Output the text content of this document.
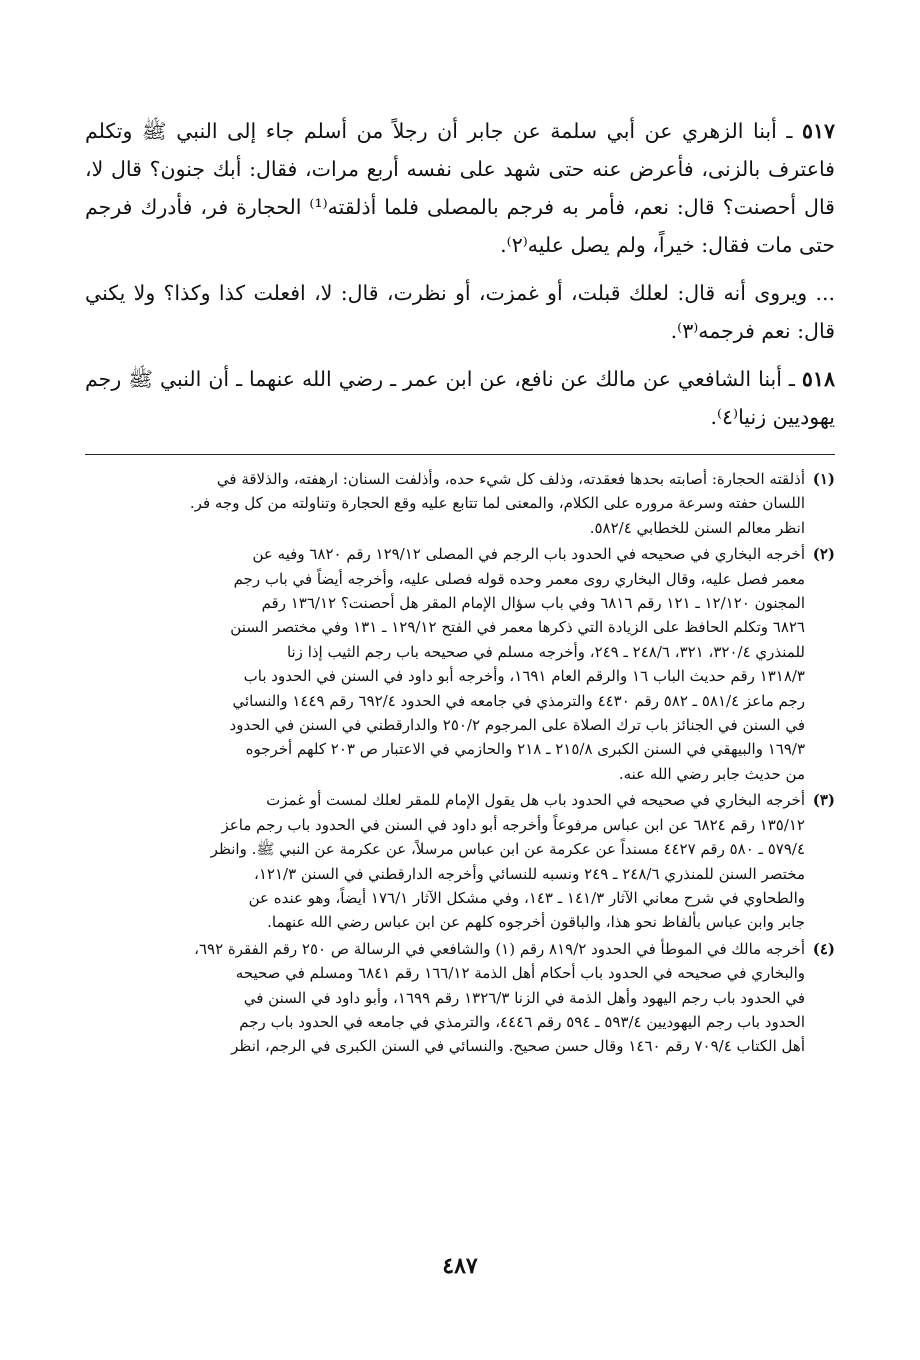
٥١٧ ـ أبنا الزهري عن أبي سلمة عن جابر أن رجلاً من أسلم جاء إلى النبي ﷺ وتكلم فاعترف بالزنى، فأعرض عنه حتى شهد على نفسه أربع مرات، فقال: أبك جنون؟ قال لا، قال أحصنت؟ قال: نعم، فأمر به فرجم بالمصلى فلما أذلقته⁽¹⁾ الحجارة فر، فأدرك فرجم حتى مات فقال: خيراً، ولم يصل عليه⁽٢⁾.

... ويروى أنه قال: لعلك قبلت، أو غمزت، أو نظرت، قال: لا، افعلت كذا وكذا؟ ولا يكني قال: نعم فرجمه⁽٣⁾.

٥١٨ ـ أبنا الشافعي عن مالك عن نافع، عن ابن عمر ـ رضي الله عنهما ـ أن النبي ﷺ رجم يهوديين زنيا⁽٤⁾.

(١)
أذلقته الحجارة: أصابته بحدها فعقدته، وذلف كل شيء حده، وأذلفت السنان: ارهفته، والذلاقة في
اللسان حفته وسرعة مروره على الكلام، والمعنى لما تتابع عليه وقع الحجارة وتناولته من كل وجه فر.
انظر معالم السنن للخطابي ٥٨٢/٤.
(٢)
أخرجه البخاري في صحيحه في الحدود باب الرجم في المصلى ١٢٩/١٢ رقم ٦٨٢٠ وفيه عن
معمر فصل عليه، وقال البخاري روى معمر وحده قوله فصلى عليه، وأخرجه أيضاً في باب رجم
المجنون ١٢/١٢٠ ـ ١٢١ رقم ٦٨١٦ وفي باب سؤال الإمام المقر هل أحصنت؟ ١٣٦/١٢ رقم
٦٨٢٦ وتكلم الحافظ على الزيادة التي ذكرها معمر في الفتح ١٢٩/١٢ ـ ١٣١ وفي مختصر السنن
للمنذري ٣٢٠/٤، ٣٢١، ٢٤٨/٦ ـ ٢٤٩، وأخرجه مسلم في صحيحه باب رجم الثيب إذا زنا
١٣١٨/٣ رقم حديث الباب ١٦ والرقم العام ١٦٩١، وأخرجه أبو داود في السنن في الحدود باب
رجم ماعز ٥٨١/٤ ـ ٥٨٢ رقم ٤٤٣٠ والترمذي في جامعه في الحدود ٦٩٢/٤ رقم ١٤٤٩ والنسائي
في السنن في الجنائز باب ترك الصلاة على المرجوم ٢٥٠/٢ والدارقطني في السنن في الحدود
١٦٩/٣ والبيهقي في السنن الكبرى ٢١٥/٨ ـ ٢١٨ والحازمي في الاعتبار ص ٢٠٣ كلهم أخرجوه
من حديث جابر رضي الله عنه.
(٣)
أخرجه البخاري في صحيحه في الحدود باب هل يقول الإمام للمقر لعلك لمست أو غمزت
١٣٥/١٢ رقم ٦٨٢٤ عن ابن عباس مرفوعاً وأخرجه أبو داود في السنن في الحدود باب رجم ماعز
٥٧٩/٤ ـ ٥٨٠ رقم ٤٤٢٧ مسنداً عن عكرمة عن ابن عباس مرسلاً، عن عكرمة عن النبي ﷺ. وانظر
مختصر السنن للمنذري ٢٤٨/٦ ـ ٢٤٩ ونسبه للنسائي وأخرجه الدارقطني في السنن ١٢١/٣،
والطحاوي في شرح معاني الآثار ١٤١/٣ ـ ١٤٣، وفي مشكل الآثار ١٧٦/١ أيضاً، وهو عنده عن
جابر وابن عباس بألفاظ نحو هذا، والباقون أخرجوه كلهم عن ابن عباس رضي الله عنهما.
(٤)
أخرجه مالك في الموطأ في الحدود ٨١٩/٢ رقم (١) والشافعي في الرسالة ص ٢٥٠ رقم الفقرة ٦٩٢،
والبخاري في صحيحه في الحدود باب أحكام أهل الذمة ١٦٦/١٢ رقم ٦٨٤١ ومسلم في صحيحه
في الحدود باب رجم اليهود وأهل الذمة في الزنا ١٣٢٦/٣ رقم ١٦٩٩، وأبو داود في السنن في
الحدود باب رجم اليهوديين ٥٩٣/٤ ـ ٥٩٤ رقم ٤٤٤٦، والترمذي في جامعه في الحدود باب رجم
أهل الكتاب ٧٠٩/٤ رقم ١٤٦٠ وقال حسن صحيح. والنسائي في السنن الكبرى في الرجم، انظر
٤٨٧
